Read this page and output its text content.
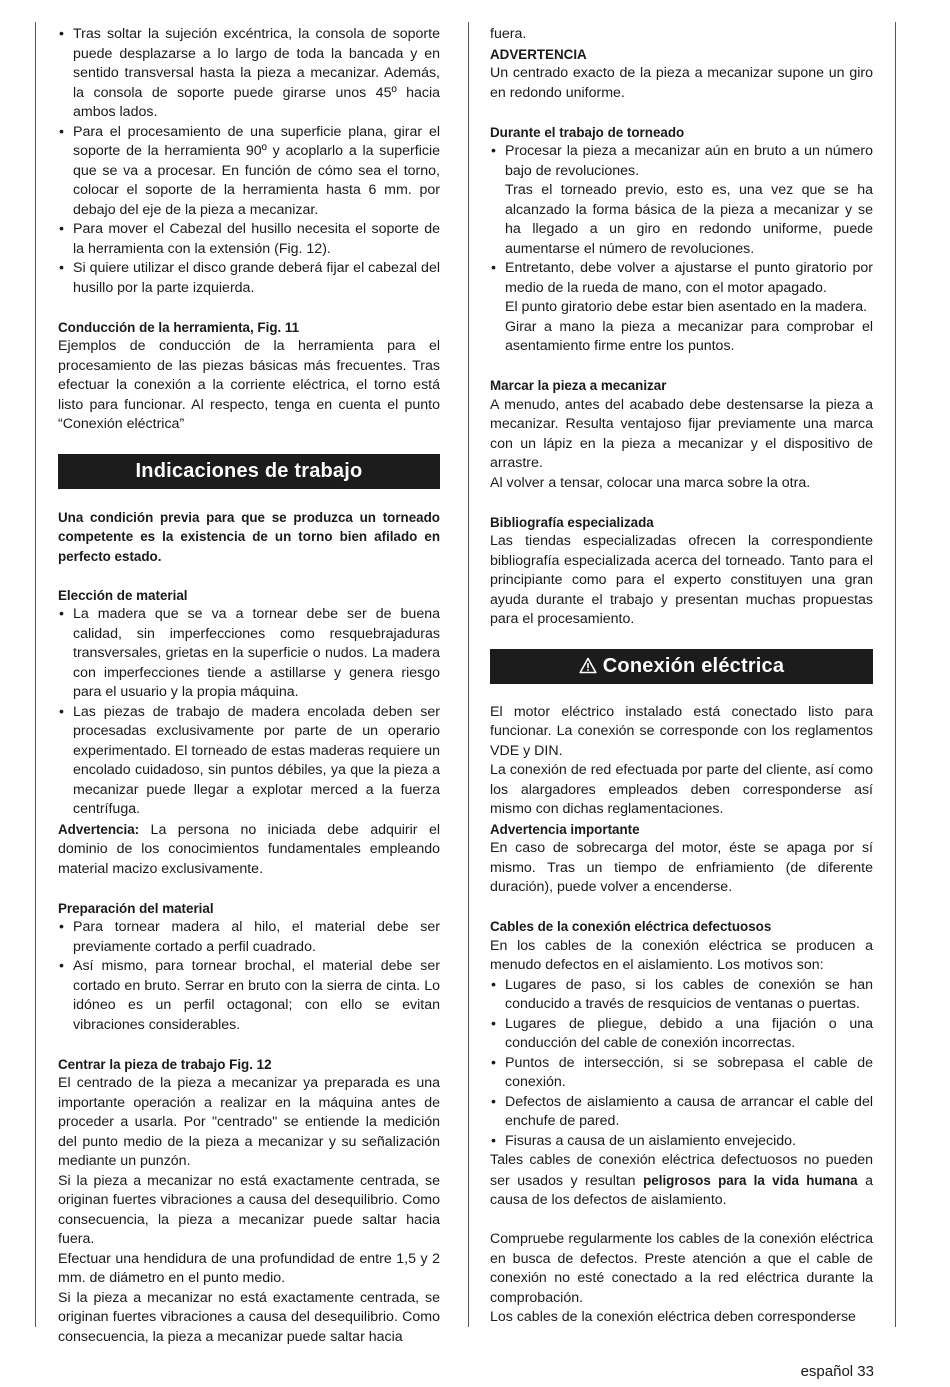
• Tras soltar la sujeción excéntrica, la consola de soporte puede desplazarse a lo largo de toda la bancada y en sentido transversal hasta la pieza a mecanizar. Además, la consola de soporte puede girarse unos 45º hacia ambos lados.
• Para el procesamiento de una superficie plana, girar el soporte de la herramienta 90º y acoplarlo a la superficie que se va a procesar. En función de cómo sea el torno, colocar el soporte de la herramienta hasta 6 mm. por debajo del eje de la pieza a mecanizar.
• Para mover el Cabezal del husillo necesita el soporte de la herramienta con la extensión (Fig. 12).
• Si quiere utilizar el disco grande deberá fijar el cabezal del husillo por la parte izquierda.

Conducción de la herramienta, Fig. 11

Ejemplos de conducción de la herramienta para el procesamiento de las piezas básicas más frecuentes. Tras efectuar la conexión a la corriente eléctrica, el torno está listo para funcionar. Al respecto, tenga en cuenta el punto “Conexión eléctrica”

Indicaciones de trabajo

Una condición previa para que se produzca un torneado competente es la existencia de un torno bien afilado en perfecto estado.

Elección de material

• La madera que se va a tornear debe ser de buena calidad, sin imperfecciones como resquebrajaduras transversales, grietas en la superficie o nudos. La madera con imperfecciones tiende a astillarse y genera riesgo para el usuario y la propia máquina.
• Las piezas de trabajo de madera encolada deben ser procesadas exclusivamente por parte de un operario experimentado. El torneado de estas maderas requiere un encolado cuidadoso, sin puntos débiles, ya que la pieza a mecanizar puede llegar a explotar merced a la fuerza centrífuga.

Advertencia: La persona no iniciada debe adquirir el dominio de los conocimientos fundamentales empleando material macizo exclusivamente.

Preparación del material

• Para tornear madera al hilo, el material debe ser previamente cortado a perfil cuadrado.
• Así mismo, para tornear brochal, el material debe ser cortado en bruto. Serrar en bruto con la sierra de cinta. Lo idóneo es un perfil octagonal; con ello se evitan vibraciones considerables.

Centrar la pieza de trabajo Fig. 12

El centrado de la pieza a mecanizar ya preparada es una importante operación a realizar en la máquina antes de proceder a usarla. Por "centrado" se entiende la medición del punto medio de la pieza a mecanizar y su señalización mediante un punzón.

Si la pieza a mecanizar no está exactamente centrada, se originan fuertes vibraciones a causa del desequilibrio. Como consecuencia, la pieza a mecanizar puede saltar hacia fuera.

Efectuar una hendidura de una profundidad de entre 1,5 y 2 mm. de diámetro en el punto medio.

Si la pieza a mecanizar no está exactamente centrada, se originan fuertes vibraciones a causa del desequilibrio. Como consecuencia, la pieza a mecanizar puede saltar hacia

fuera.

ADVERTENCIA

Un centrado exacto de la pieza a mecanizar supone un giro en redondo uniforme.

Durante el trabajo de torneado

• Procesar la pieza a mecanizar aún en bruto a un número bajo de revoluciones.
Tras el torneado previo, esto es, una vez que se ha alcanzado la forma básica de la pieza a mecanizar y se ha llegado a un giro en redondo uniforme, puede aumentarse el número de revoluciones.
• Entretanto, debe volver a ajustarse el punto giratorio por medio de la rueda de mano, con el motor apagado.
El punto giratorio debe estar bien asentado en la madera.
Girar a mano la pieza a mecanizar para comprobar el asentamiento firme entre los puntos.

Marcar la pieza a mecanizar

A menudo, antes del acabado debe destensarse la pieza a mecanizar. Resulta ventajoso fijar previamente una marca con un lápiz en la pieza a mecanizar y el dispositivo de arrastre.

Al volver a tensar, colocar una marca sobre la otra.

Bibliografía especializada

Las tiendas especializadas ofrecen la correspondiente bibliografía especializada acerca del torneado. Tanto para el principiante como para el experto constituyen una gran ayuda durante el trabajo y presentan muchas propuestas para el procesamiento.

Conexión eléctrica

El motor eléctrico instalado está conectado listo para funcionar. La conexión se corresponde con los reglamentos VDE y DIN.

La conexión de red efectuada por parte del cliente, así como los alargadores empleados deben corresponderse así mismo con dichas reglamentaciones.

Advertencia importante

En caso de sobrecarga del motor, éste se apaga por sí mismo. Tras un tiempo de enfriamiento (de diferente duración), puede volver a encenderse.

Cables de la conexión eléctrica defectuosos

En los cables de la conexión eléctrica se producen a menudo defectos en el aislamiento. Los motivos son:

• Lugares de paso, si los cables de conexión se han conducido a través de resquicios de ventanas o puertas.
• Lugares de pliegue, debido a una fijación o una conducción del cable de conexión incorrectas.
• Puntos de intersección, si se sobrepasa el cable de conexión.
• Defectos de aislamiento a causa de arrancar el cable del enchufe de pared.
• Fisuras a causa de un aislamiento envejecido.

Tales cables de conexión eléctrica defectuosos no pueden ser usados y resultan peligrosos para la vida humana a causa de los defectos de aislamiento.

Compruebe regularmente los cables de la conexión eléctrica en busca de defectos. Preste atención a que el cable de conexión no esté conectado a la red eléctrica durante la comprobación.

Los cables de la conexión eléctrica deben corresponderse

español 33
